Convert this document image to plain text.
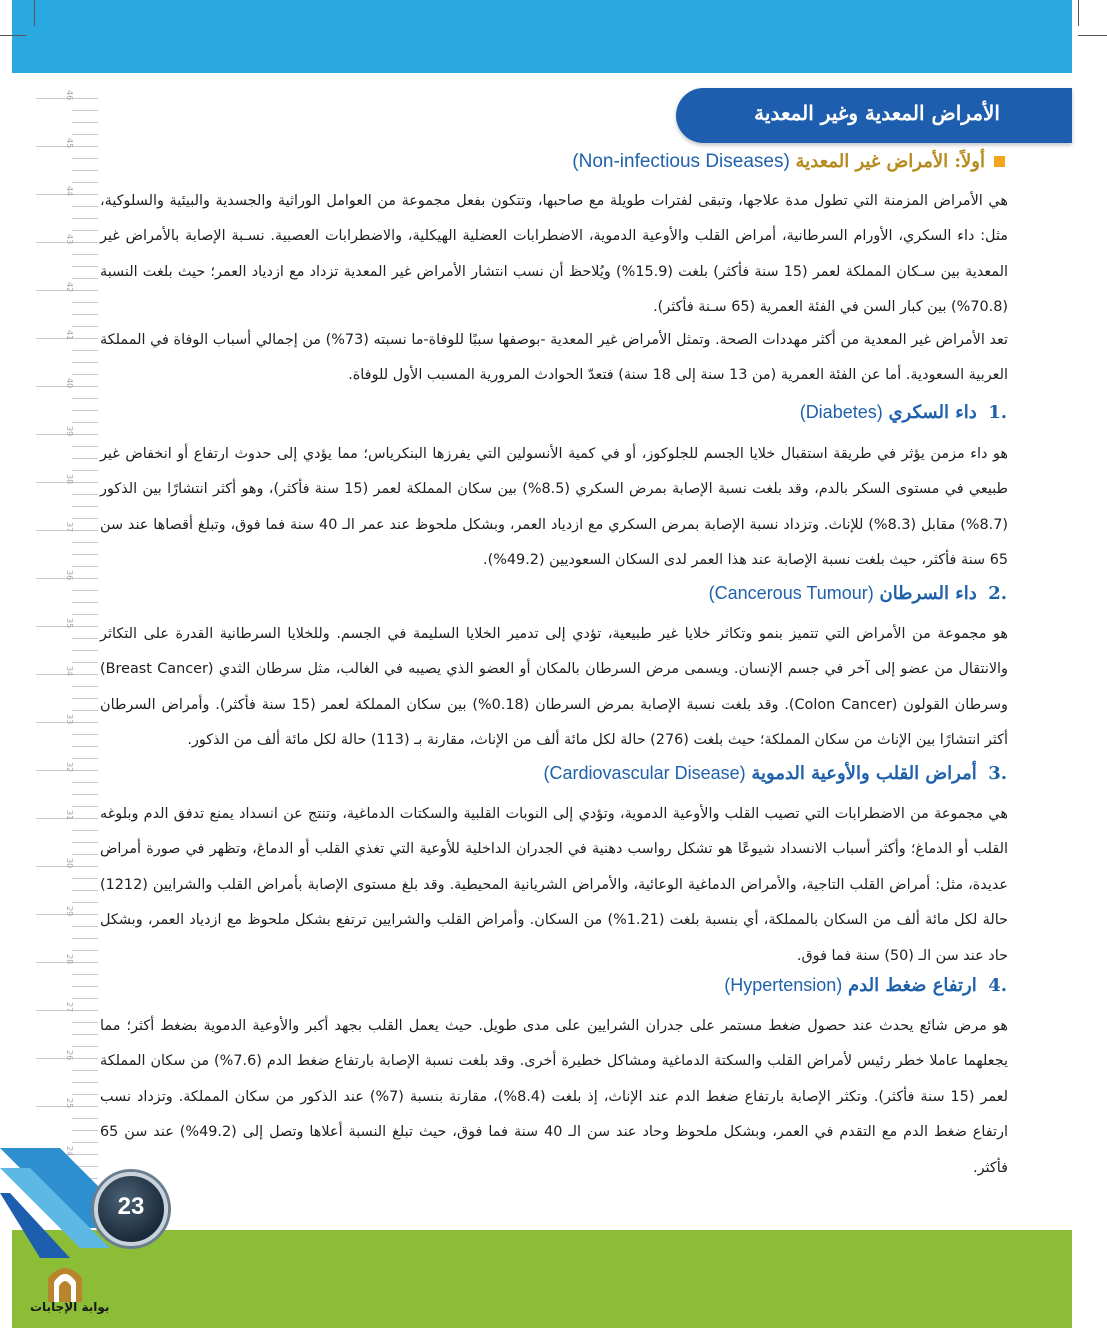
46
45
44
43
42
41
40
39
38
37
36
35
34
33
32
31
30
29
28
27
26
25
24
الأمراض المعدية وغير المعدية
أولاً: الأمراض غير المعدية (Non-infectious Diseases)
هي الأمراض المزمنة التي تطول مدة علاجها، وتبقى لفترات طويلة مع صاحبها، وتتكون بفعل مجموعة من العوامل الوراثية والجسدية والبيئية والسلوكية، مثل: داء السكري، الأورام السرطانية، أمراض القلب والأوعية الدموية، الاضطرابات العضلية الهيكلية، والاضطرابات العصبية. نسـبة الإصابة بالأمراض غير المعدية بين سـكان المملكة لعمر (15 سنة فأكثر) بلغت (15.9%) ويُلاحظ أن نسب انتشار الأمراض غير المعدية تزداد مع ازدياد العمر؛ حيث بلغت النسبة (70.8%) بين كبار السن في الفئة العمرية (65 سـنة فأكثر).
تعد الأمراض غير المعدية من أكثر مهددات الصحة. وتمثل الأمراض غير المعدية -بوصفها سببًا للوفاة-ما نسبته (73%) من إجمالي أسباب الوفاة في المملكة العربية السعودية. أما عن الفئة العمرية (من 13 سنة إلى 18 سنة) فتعدّ الحوادث المرورية المسبب الأول للوفاة.
.1  داء السكري (Diabetes)
هو داء مزمن يؤثر في طريقة استقبال خلايا الجسم للجلوكوز، أو في كمية الأنسولين التي يفرزها البنكرياس؛ مما يؤدي إلى حدوث ارتفاع أو انخفاض غير طبيعي في مستوى السكر بالدم، وقد بلغت نسبة الإصابة بمرض السكري (8.5%) بين سكان المملكة لعمر (15 سنة فأكثر)، وهو أكثر انتشارًا بين الذكور (8.7%) مقابل (8.3%) للإناث. وتزداد نسبة الإصابة بمرض السكري مع ازدياد العمر، وبشكل ملحوظ عند عمر الـ 40 سنة فما فوق، وتبلغ أقصاها عند سن 65 سنة فأكثر، حيث بلغت نسبة الإصابة عند هذا العمر لدى السكان السعوديين (49.2%).
.2  داء السرطان (Cancerous Tumour)
هو مجموعة من الأمراض التي تتميز بنمو وتكاثر خلايا غير طبيعية، تؤدي إلى تدمير الخلايا السليمة في الجسم. وللخلايا السرطانية القدرة على التكاثر والانتقال من عضو إلى آخر في جسم الإنسان. ويسمى مرض السرطان بالمكان أو العضو الذي يصيبه في الغالب، مثل سرطان الثدي (Breast Cancer) وسرطان القولون (Colon Cancer). وقد بلغت نسبة الإصابة بمرض السرطان (0.18%) بين سكان المملكة لعمر (15 سنة فأكثر). وأمراض السرطان أكثر انتشارًا بين الإناث من سكان المملكة؛ حيث بلغت (276) حالة لكل مائة ألف من الإناث، مقارنة بـ (113) حالة لكل مائة ألف من الذكور.
.3  أمراض القلب والأوعية الدموية (Cardiovascular Disease)
هي مجموعة من الاضطرابات التي تصيب القلب والأوعية الدموية، وتؤدي إلى النوبات القلبية والسكتات الدماغية، وتنتج عن انسداد يمنع تدفق الدم وبلوغه القلب أو الدماغ؛ وأكثر أسباب الانسداد شيوعًا هو تشكل رواسب دهنية في الجدران الداخلية للأوعية التي تغذي القلب أو الدماغ، وتظهر في صورة أمراض عديدة، مثل: أمراض القلب التاجية، والأمراض الدماغية الوعائية، والأمراض الشريانية المحيطية. وقد بلغ مستوى الإصابة بأمراض القلب والشرايين (1212) حالة لكل مائة ألف من السكان بالمملكة، أي بنسبة بلغت (1.21%) من السكان. وأمراض القلب والشرايين ترتفع بشكل ملحوظ مع ازدياد العمر، وبشكل حاد عند سن الـ (50) سنة فما فوق.
.4  ارتفاع ضغط الدم (Hypertension)
هو مرض شائع يحدث عند حصول ضغط مستمر على جدران الشرايين على مدى طويل. حيث يعمل القلب بجهد أكبر والأوعية الدموية بضغط أكثر؛ مما يجعلهما عاملا خطر رئيس لأمراض القلب والسكتة الدماغية ومشاكل خطيرة أخرى. وقد بلغت نسبة الإصابة بارتفاع ضغط الدم (7.6%) من سكان المملكة لعمر (15 سنة فأكثر). وتكثر الإصابة بارتفاع ضغط الدم عند الإناث، إذ بلغت (8.4%)، مقارنة بنسبة (7%) عند الذكور من سكان المملكة. وتزداد نسب ارتفاع ضغط الدم مع التقدم في العمر، وبشكل ملحوظ وحاد عند سن الـ 40 سنة فما فوق، حيث تبلغ النسبة أعلاها وتصل إلى (49.2%) عند سن 65 فأكثر.
23
بوابة الإجابات
